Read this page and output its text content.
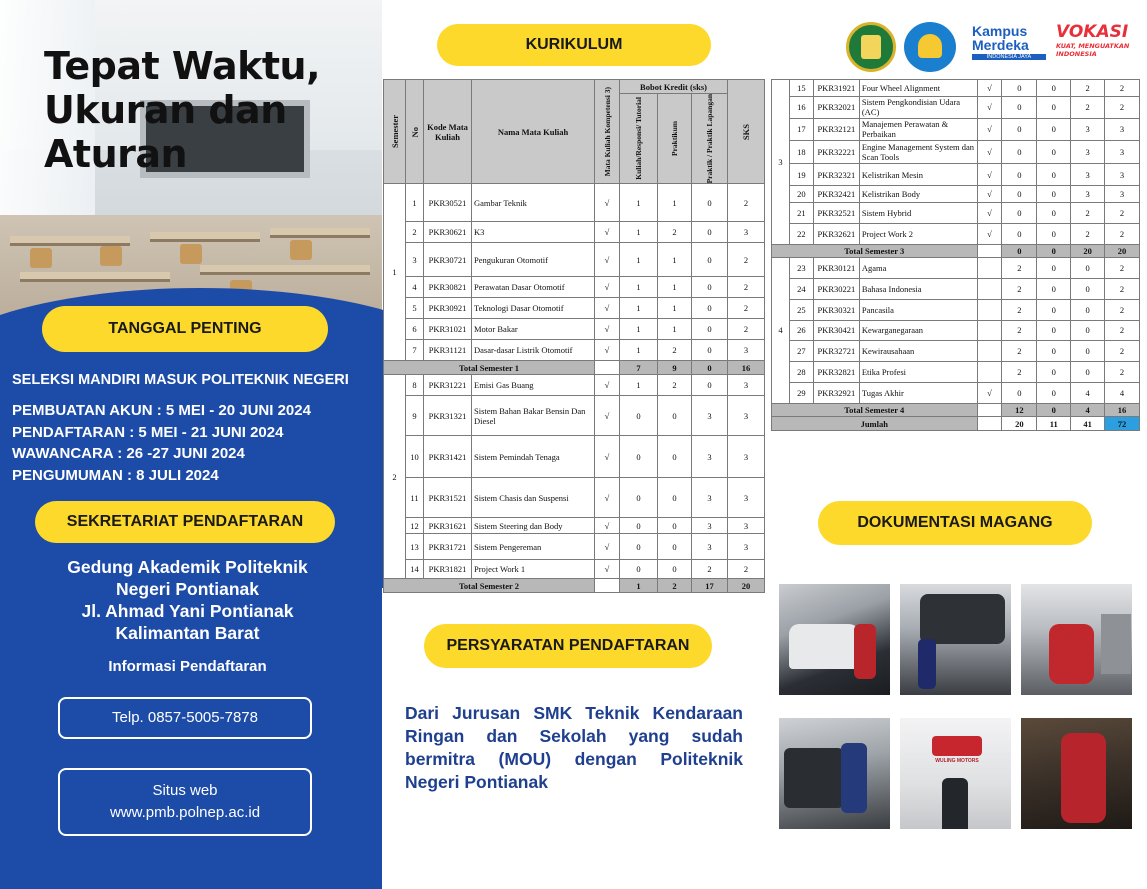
Tepat Waktu,
Ukuran dan
Aturan
TANGGAL PENTING
SELEKSI MANDIRI MASUK POLITEKNIK NEGERI
PEMBUATAN AKUN : 5 MEI - 20 JUNI 2024
PENDAFTARAN : 5 MEI - 21 JUNI 2024
WAWANCARA : 26 -27 JUNI 2024
PENGUMUMAN : 8 JULI 2024
SEKRETARIAT PENDAFTARAN
Gedung Akademik Politeknik
Negeri Pontianak
Jl. Ahmad Yani Pontianak
Kalimantan Barat
Informasi Pendaftaran
Telp. 0857-5005-7878
Situs web
www.pmb.polnep.ac.id
KURIKULUM
Kampus Merdeka
INDONESIA JAYA
VOKASI
KUAT, MENGUATKAN INDONESIA
Semester	No	Kode Mata Kuliah	Nama Mata Kuliah	Mata Kuliah Kompetensi 3)	Bobot Kredit (sks)			SKS

					Kuliah/Responsi/ Tutorial	Praktikum	Praktik / Praktik Lapangan	

1	1	PKR30521	Gambar Teknik	√	1	1	0	2
	2	PKR30621	K3	√	1	2	0	3
	3	PKR30721	Pengukuran Otomotif	√	1	1	0	2
	4	PKR30821	Perawatan Dasar Otomotif	√	1	1	0	2
	5	PKR30921	Teknologi Dasar Otomotif	√	1	1	0	2
	6	PKR31021	Motor Bakar	√	1	1	0	2
	7	PKR31121	Dasar-dasar Listrik Otomotif	√	1	2	0	3
Total Semester 1					7	9	0	16
2	8	PKR31221	Emisi Gas Buang	√	1	2	0	3
	9	PKR31321	Sistem Bahan Bakar Bensin Dan Diesel	√	0	0	3	3
	10	PKR31421	Sistem Pemindah Tenaga	√	0	0	3	3
	11	PKR31521	Sistem Chasis dan Suspensi	√	0	0	3	3
	12	PKR31621	Sistem Steering dan Body	√	0	0	3	3
	13	PKR31721	Sistem Pengereman	√	0	0	3	3
	14	PKR31821	Project Work 1	√	0	0	2	2
Total Semester 2					1	2	17	20
3	15	PKR31921	Four Wheel Alignment	√	0	0	2	2
	16	PKR32021	Sistem Pengkondisian Udara (AC)	√	0	0	2	2
	17	PKR32121	Manajemen Perawatan & Perbaikan	√	0	0	3	3
	18	PKR32221	Engine Management System dan Scan Tools	√	0	0	3	3
	19	PKR32321	Kelistrikan Mesin	√	0	0	3	3
	20	PKR32421	Kelistrikan Body	√	0	0	3	3
	21	PKR32521	Sistem Hybrid	√	0	0	2	2
	22	PKR32621	Project Work 2	√	0	0	2	2
Total Semester 3					0	0	20	20
4	23	PKR30121	Agama		2	0	0	2
	24	PKR30221	Bahasa Indonesia		2	0	0	2
	25	PKR30321	Pancasila		2	0	0	2
	26	PKR30421	Kewarganegaraan		2	0	0	2
	27	PKR32721	Kewirausahaan		2	0	0	2
	28	PKR32821	Etika Profesi		2	0	0	2
	29	PKR32921	Tugas Akhir	√	0	0	4	4
Total Semester 4					12	0	4	16
Jumlah					20	11	41	72
PERSYARATAN PENDAFTARAN
Dari Jurusan SMK Teknik Kendaraan Ringan dan Sekolah yang sudah bermitra (MOU) dengan Politeknik Negeri Pontianak
DOKUMENTASI MAGANG
WULING MOTORS
